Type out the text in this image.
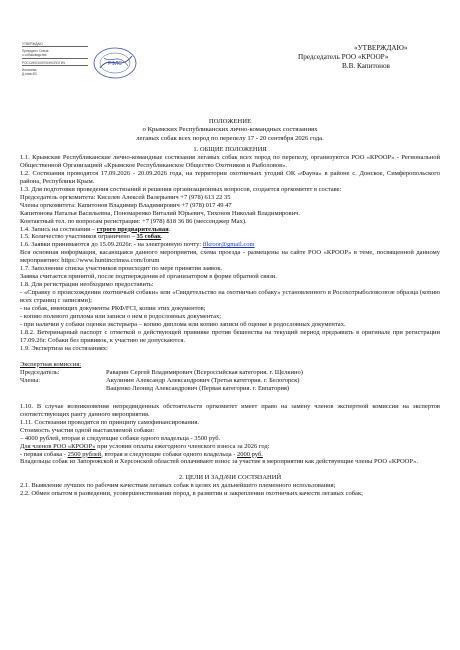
УТВЕРЖДАЮ
Президент Союза
о собаководства
РОССИЙСКОЙ КИНОЛОГИЧ
Ильичева
Д.нник.ФС
РФЛС
«УТВЕРЖДАЮ»
Председатель РОО «КРООР»
В.В. Капитонов
ПОЛОЖЕНИЕ
о Крымских Республиканских лично-командных состязаниях
легавых собак всех пород по перепелу 17 - 20 сентября 2026 года.

1. ОБЩИЕ ПОЛОЖЕНИЯ

1.1. Крымские Республиканские лично-командные состязания легавых собак всех пород по перепелу, организуются РОО «КРООР» - Региональной Общественной Организацией «Крымское Республиканское Общество Охотников и Рыболовов».

1.2. Состязания проводятся 17.09.2026 - 20.09.2026 года, на территории охотничьих угодий ОК «Фауна» в районе с. Донское, Симферопольского района, Республики Крым.

1.3. Для подготовки проведения состязаний и решения организационных вопросов, создается оргкомитет в составе:

Председатель оргкомитета: Киселев Алексей Валерьевич +7 (978) 613 22 35

Члены оргкомитета: Капитонов Владимир Владимирович +7 (978) 017 49 47

Капитонова Наталья Васильевна, Пономаренко Виталий Юрьевич, Тихонов Николай Владимирович.

Контактный тел. по вопросам регистрации: +7 (978) 818 36 86 (мессенджер Max).

1.4. Запись на состязания – строго предварительная.

1.5. Количество участников ограничено – 35 собак.

1.6. Заявки принимаются до 15.09.2026г. - на электронную почту: ffkroor@gmail.com

Вся основная информация, касающаяся данного мероприятия, схема проезда - размещены на сайте РОО «КРООР» в теме, посвященной данному мероприятию: https://www.huntincrimea.com/forum

1.7. Заполнение списка участников происходит по мере принятия заявок.

Заявка считается принятой, после подтверждения её организатором в форме обратной связи.

1.8. Для регистрации необходимо предоставить:

- «Справку о происхождении охотничьей собаки» или «Свидетельство на охотничью собаку» установленного в Росохотрыболовсоюзе образца (копию всех страниц с записями);

- на собак, имеющих документы РКФ/FCI, копии этих документов;

- копию полевого диплома или записи о нем в родословных документах;

- при наличии у собаки оценки экстерьера – копию диплома или копию записи об оценке в родословных документах.

1.8.2. Ветеринарный паспорт с отметкой о действующей прививке против бешенства на текущий период предъявить в оригинале при регистрации 17.09.26г. Собаки без прививок, к участию не допускаются.

1.9. Экспертиза на состязаниях:

Экспертная комиссия:
Председатель:	Раварин Сергей Владимирович (Всероссийская категория. г. Щелкино)
Члены:	Акулинин Александр Александрович (Третья категория. г. Белогорск)
Ващенко Леонид Александрович (Первая категория. г. Евпатория)

1.10. В случае возникновения непредвиденных обстоятельств оргкомитет имеет право на замену членов экспертной комиссии на экспертов соответствующих рангу данного мероприятия.

1.11. Состязания проводятся по принципу самофинансирования.

Стоимость участия одной выставляемой собаки:

– 4000 рублей, вторая и следующие собаки одного владельца - 3500 руб.

Для членов РОО «КРООР» при условии оплаты ежегодного членского взноса за 2026 год:

- первая собака - 2500 рублей, вторая и следующие собаки одного владельца - 2000 руб.

Владельцы собак из Запорожской и Херсонской областей оплачивают взнос за участие в мероприятии как действующие члены РОО «КРООР».

2. ЦЕЛИ И ЗАДАЧИ СОСТЯЗАНИЙ

2.1. Выявление лучших по рабочим качествам легавых собак в целях их дальнейшего племенного использования;

2.2. Обмен опытом в разведении, усовершенствовании пород, в развитии и закреплении охотничьих качеств легавых собак;
